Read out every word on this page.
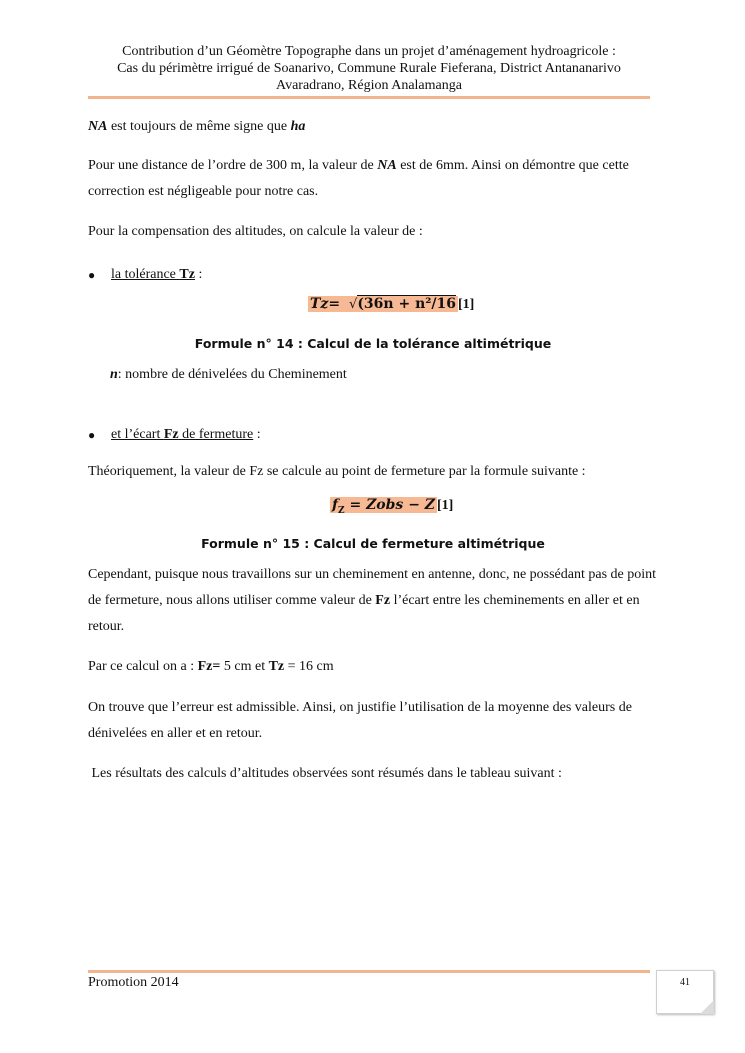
Contribution d’un Géomètre Topographe dans un projet d’aménagement hydroagricole :
Cas du périmètre irrigué de Soanarivo, Commune Rurale Fieferana, District Antananarivo
Avaradrano, Région Analamanga
NA est toujours de même signe que ha
Pour une distance de l’ordre de 300 m, la valeur de NA est de 6mm. Ainsi on démontre que cette correction est négligeable pour notre cas.
Pour la compensation des altitudes, on calcule la valeur de :
● la tolérance Tz :
Tz= √(36n + n²/16 [1]
Formule n° 14 : Calcul de la tolérance altimétrique
n: nombre de dénivelées du Cheminement
● et l’écart Fz de fermeture :
Théoriquement, la valeur de Fz se calcule au point de fermeture par la formule suivante :
$f_Z$ = Zobs − Z [1]
Formule n° 15 : Calcul de fermeture altimétrique
Cependant, puisque nous travaillons sur un cheminement en antenne, donc, ne possédant pas de point de fermeture, nous allons utiliser comme valeur de Fz l’écart entre les cheminements en aller et en retour.
Par ce calcul on a : Fz= 5 cm et Tz = 16 cm
On trouve que l’erreur est admissible. Ainsi, on justifie l’utilisation de la moyenne des valeurs de dénivelées en aller et en retour.
Les résultats des calculs d’altitudes observées sont résumés dans le tableau suivant :
Promotion 2014	41
